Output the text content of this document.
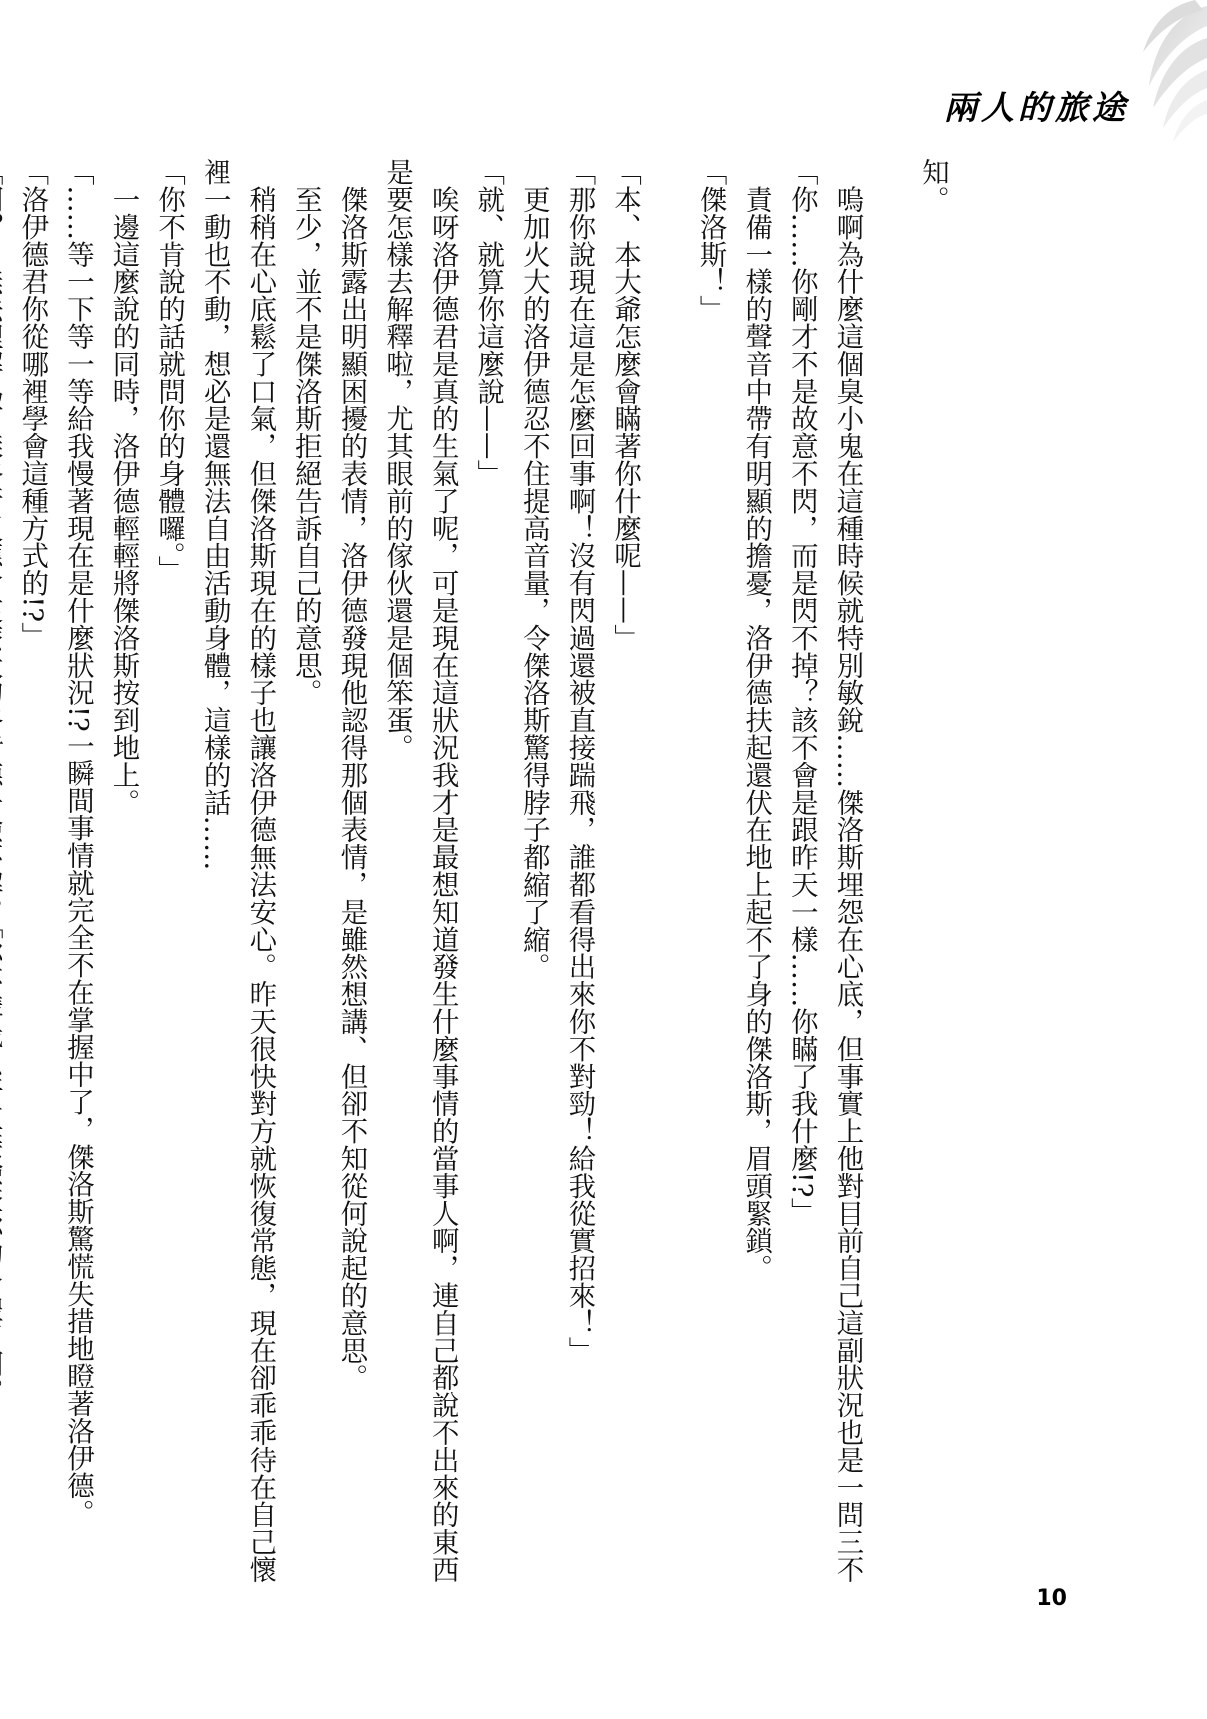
兩人的旅途
知。
　嗚啊為什麼這個臭小鬼在這種時候就特別敏銳……傑洛斯埋怨在心底，但事實上他對目前自己這副狀況也是一問三不
「你……你剛才不是故意不閃，而是閃不掉？該不會是跟昨天一樣……你瞞了我什麼!?」
　責備一樣的聲音中帶有明顯的擔憂，洛伊德扶起還伏在地上起不了身的傑洛斯，眉頭緊鎖。
「傑洛斯！」
「本、本大爺怎麼會瞞著你什麼呢——」
「那你說現在這是怎麼回事啊！沒有閃過還被直接踹飛，誰都看得出來你不對勁！給我從實招來！」
　更加火大的洛伊德忍不住提高音量，令傑洛斯驚得脖子都縮了縮。
「就、就算你這麼說——」
　唉呀洛伊德君是真的生氣了呢，可是現在這狀況我才是最想知道發生什麼事情的當事人啊，連自己都說不出來的東西
是要怎樣去解釋啦，尤其眼前的傢伙還是個笨蛋。
　傑洛斯露出明顯困擾的表情，洛伊德發現他認得那個表情，是雖然想講、但卻不知從何說起的意思。
　至少，並不是傑洛斯拒絕告訴自己的意思。
　稍稍在心底鬆了口氣，但傑洛斯現在的樣子也讓洛伊德無法安心。昨天很快對方就恢復常態，現在卻乖乖待在自己懷
裡一動也不動，想必是還無法自由活動身體，這樣的話……
「你不肯說的話就問你的身體囉。」
　一邊這麼說的同時，洛伊德輕輕將傑洛斯按到地上。
「……等一下等一等給我慢著現在是什麼狀況!?一瞬間事情就完全不在掌握中了，傑洛斯驚慌失措地瞪著洛伊德。
「洛伊德君你從哪裡學會這種方式的!?」
10
